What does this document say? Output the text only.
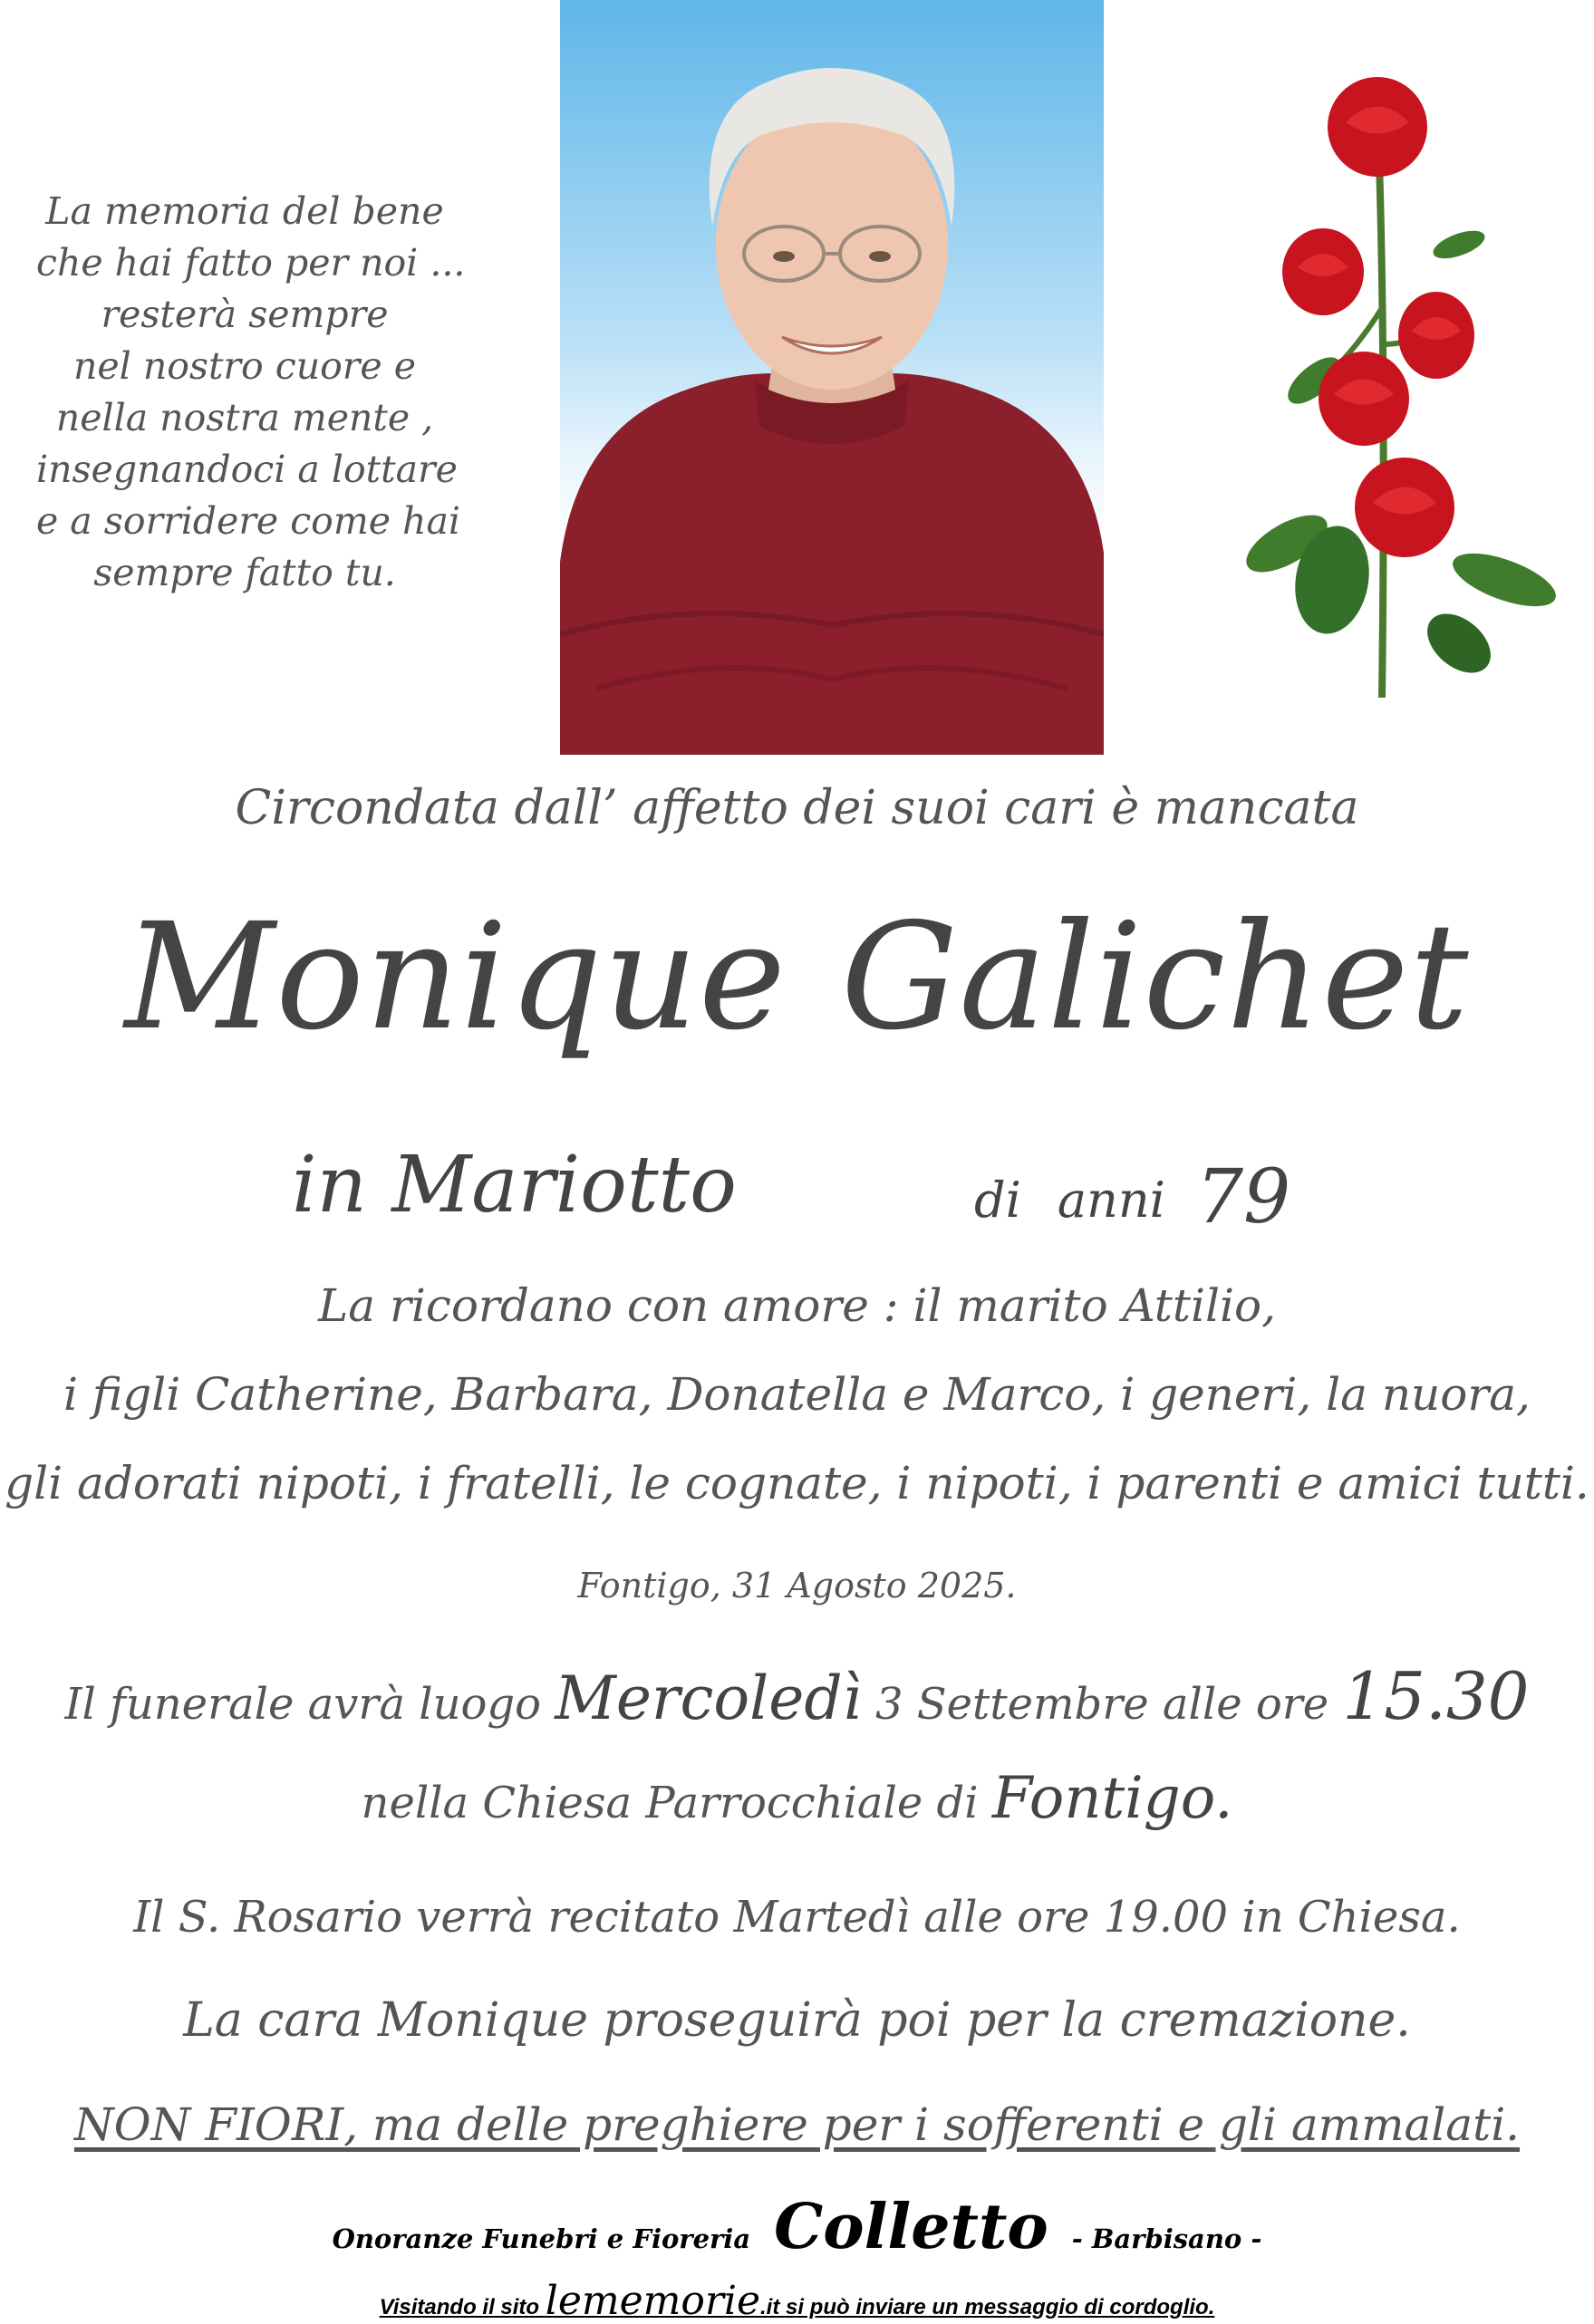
La memoria del bene
che hai fatto per noi ...
resterà sempre
nel nostro cuore e
nella nostra mente ,
insegnandoci a lottare
e a sorridere come hai
sempre fatto tu.
Circondata dall’ affetto dei suoi cari è mancata
Monique Galichet
in Mariotto	di anni 79
La ricordano con amore : il marito Attilio,
i figli Catherine, Barbara, Donatella e Marco, i generi, la nuora,
gli adorati nipoti, i fratelli, le cognate, i nipoti, i parenti e amici tutti.
Fontigo, 31 Agosto 2025.
Il funerale avrà luogo Mercoledì 3 Settembre alle ore 15.30
nella Chiesa Parrocchiale di Fontigo.
Il S. Rosario verrà recitato Martedì alle ore 19.00 in Chiesa.
La cara Monique proseguirà poi per la cremazione.
NON FIORI, ma delle preghiere per i sofferenti e gli ammalati.
Onoranze Funebri e Fioreria Colletto - Barbisano -
Visitando il sito lememorie.it si può inviare un messaggio di cordoglio.
